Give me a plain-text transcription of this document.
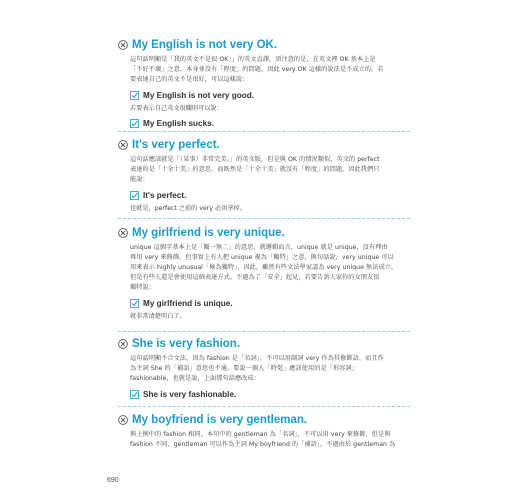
My English is not very OK.
這句話明顯是「我的英文不是很 OK」」的英文直譯，須注意的是，在英文裡 OK 基本上是
「不好不壞」之意，本身並沒有「程度」的問題，因此 very OK 這樣的說法是不成立的。若
要表達自己的英文不是很好，可以這樣說：
My English is not very good.
若要表示自己英文很爛則可以說：
My English sucks.
It's very perfect.
這句話應該就是「（某事）非常完美。」的英文版，但是與 OK 的情況類似，英文的 perfect
表達的是「十全十美」的意思，而既然是「十全十美」就沒有「程度」的問題，因此我們只
能說：
It's perfect.
也就是，perfect 之前的 very 必須拿掉。
My girlfriend is very unique.
unique 這個字基本上是「獨一無二」的意思，就邏輯而言，unique 就是 unique，沒有理由
再用 very 來修飾，但事實上有人把 unique 視為「獨特」之意，換句話說，very unique 可以
用來表示 highly unusual「極為獨特」，因此，雖然有些文法學家認為 very unique 無法成立，
但是有些人還是會使用這個表達方式。不過為了「安全」起見，若要告訴人家你的女朋友很
獨特說：
My girlfriend is unique.
就非常清楚明白了。
She is very fashion.
這句話明顯不合文法，因為 fashion 是「名詞」，不可以用副詞 very 作為其修飾語，而且作
為主詞 She 的「補語」意思也不通。要說一個人「時髦」應該使用的是「形容詞」
fashionable，也就是說，上面那句話應改成：
She is very fashionable.
My boyfriend is very gentleman.
與上例中的 fashion 相同，本句中的 gentleman 為「名詞」，不可以用 very 來修飾，但是與
fashion 不同，gentleman 可以作為主詞 My boyfriend 的「補語」，不過由於 gentleman 為
690
